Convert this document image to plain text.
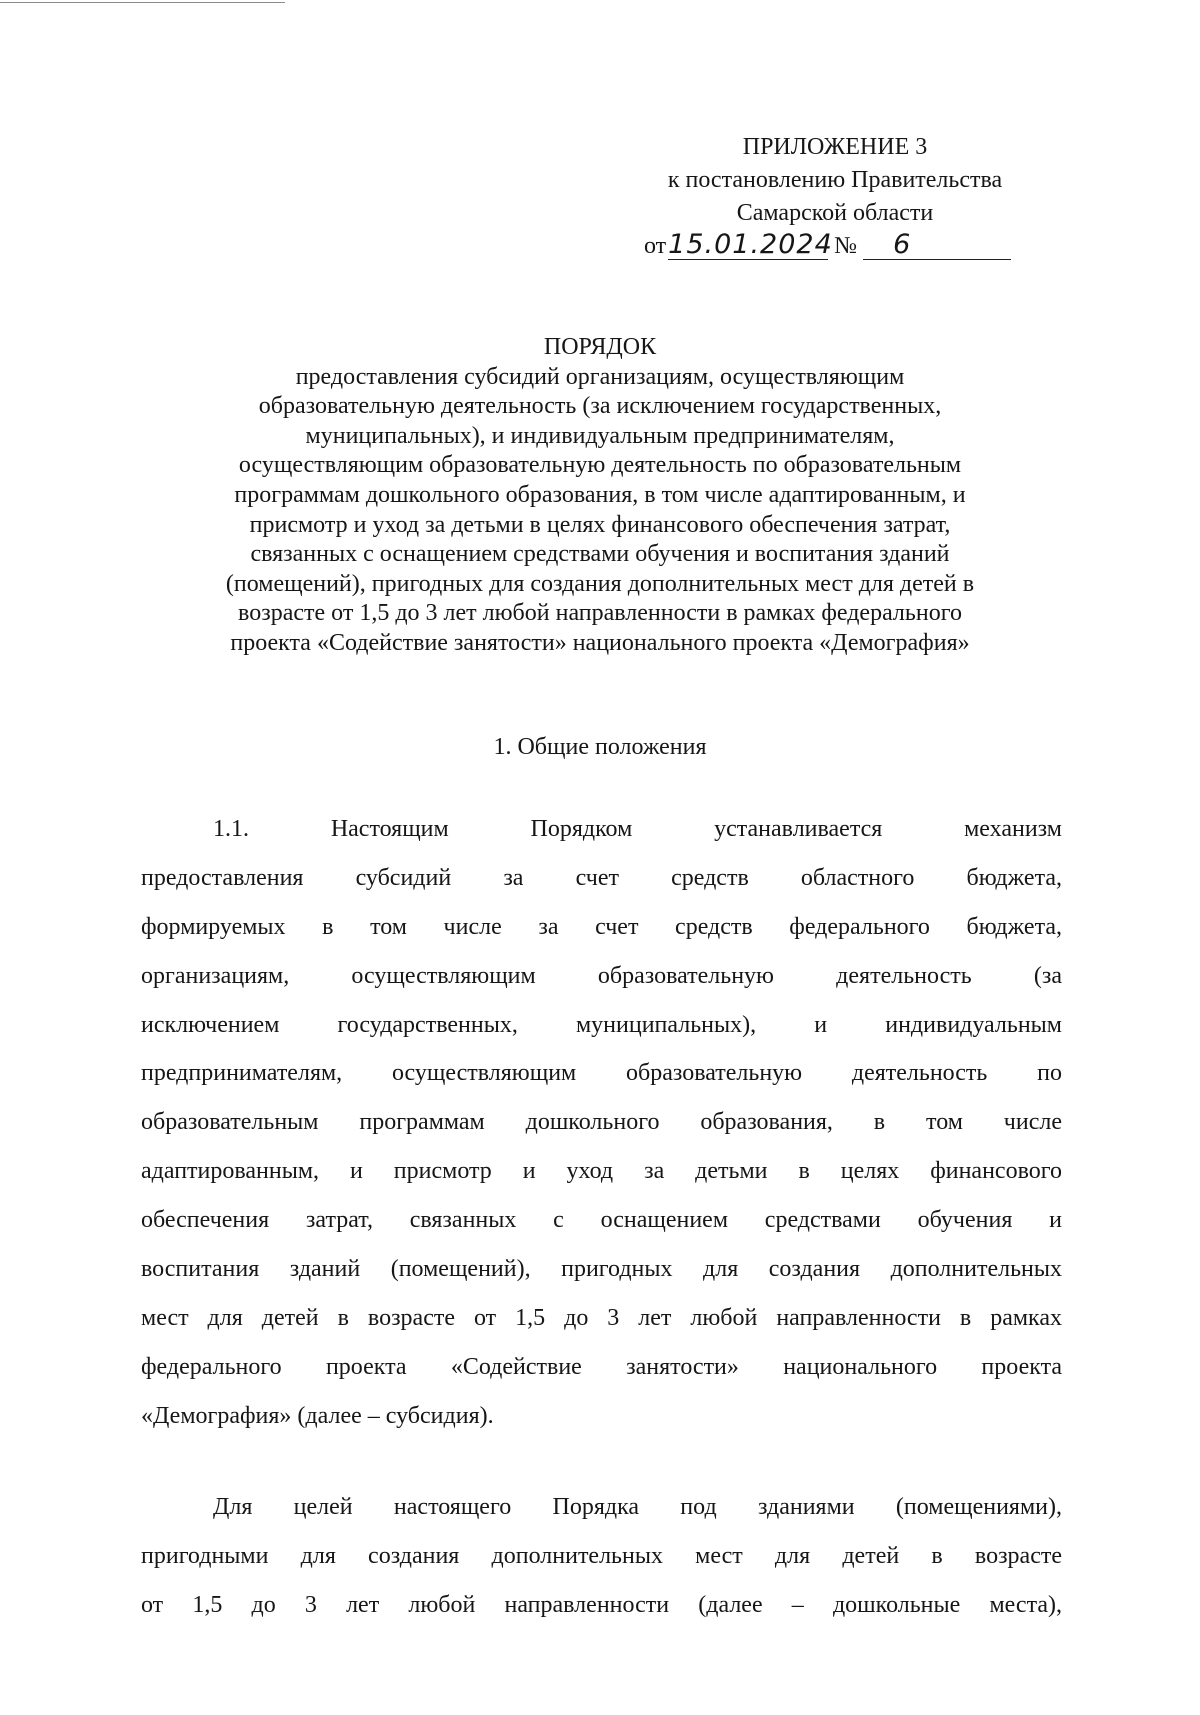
ПРИЛОЖЕНИЕ 3
к постановлению Правительства
Самарской области
от15.01.2024 № 6
ПОРЯДОК
предоставления субсидий организациям, осуществляющим
образовательную деятельность (за исключением государственных,
муниципальных), и индивидуальным предпринимателям,
осуществляющим образовательную деятельность по образовательным
программам дошкольного образования, в том числе адаптированным, и
присмотр и уход за детьми в целях финансового обеспечения затрат,
связанных с оснащением средствами обучения и воспитания зданий
(помещений), пригодных для создания дополнительных мест для детей в
возрасте от 1,5 до 3 лет любой направленности в рамках федерального
проекта «Содействие занятости» национального проекта «Демография»
1. Общие положения
1.1. Настоящим Порядком устанавливается механизм
предоставления субсидий за счет средств областного бюджета,
формируемых в том числе за счет средств федерального бюджета,
организациям, осуществляющим образовательную деятельность (за
исключением государственных, муниципальных), и индивидуальным
предпринимателям, осуществляющим образовательную деятельность по
образовательным программам дошкольного образования, в том числе
адаптированным, и присмотр и уход за детьми в целях финансового
обеспечения затрат, связанных с оснащением средствами обучения и
воспитания зданий (помещений), пригодных для создания дополнительных
мест для детей в возрасте от 1,5 до 3 лет любой направленности в рамках
федерального проекта «Содействие занятости» национального проекта
«Демография» (далее – субсидия).
Для целей настоящего Порядка под зданиями (помещениями),
пригодными для создания дополнительных мест для детей в возрасте
от 1,5 до 3 лет любой направленности (далее – дошкольные места),
